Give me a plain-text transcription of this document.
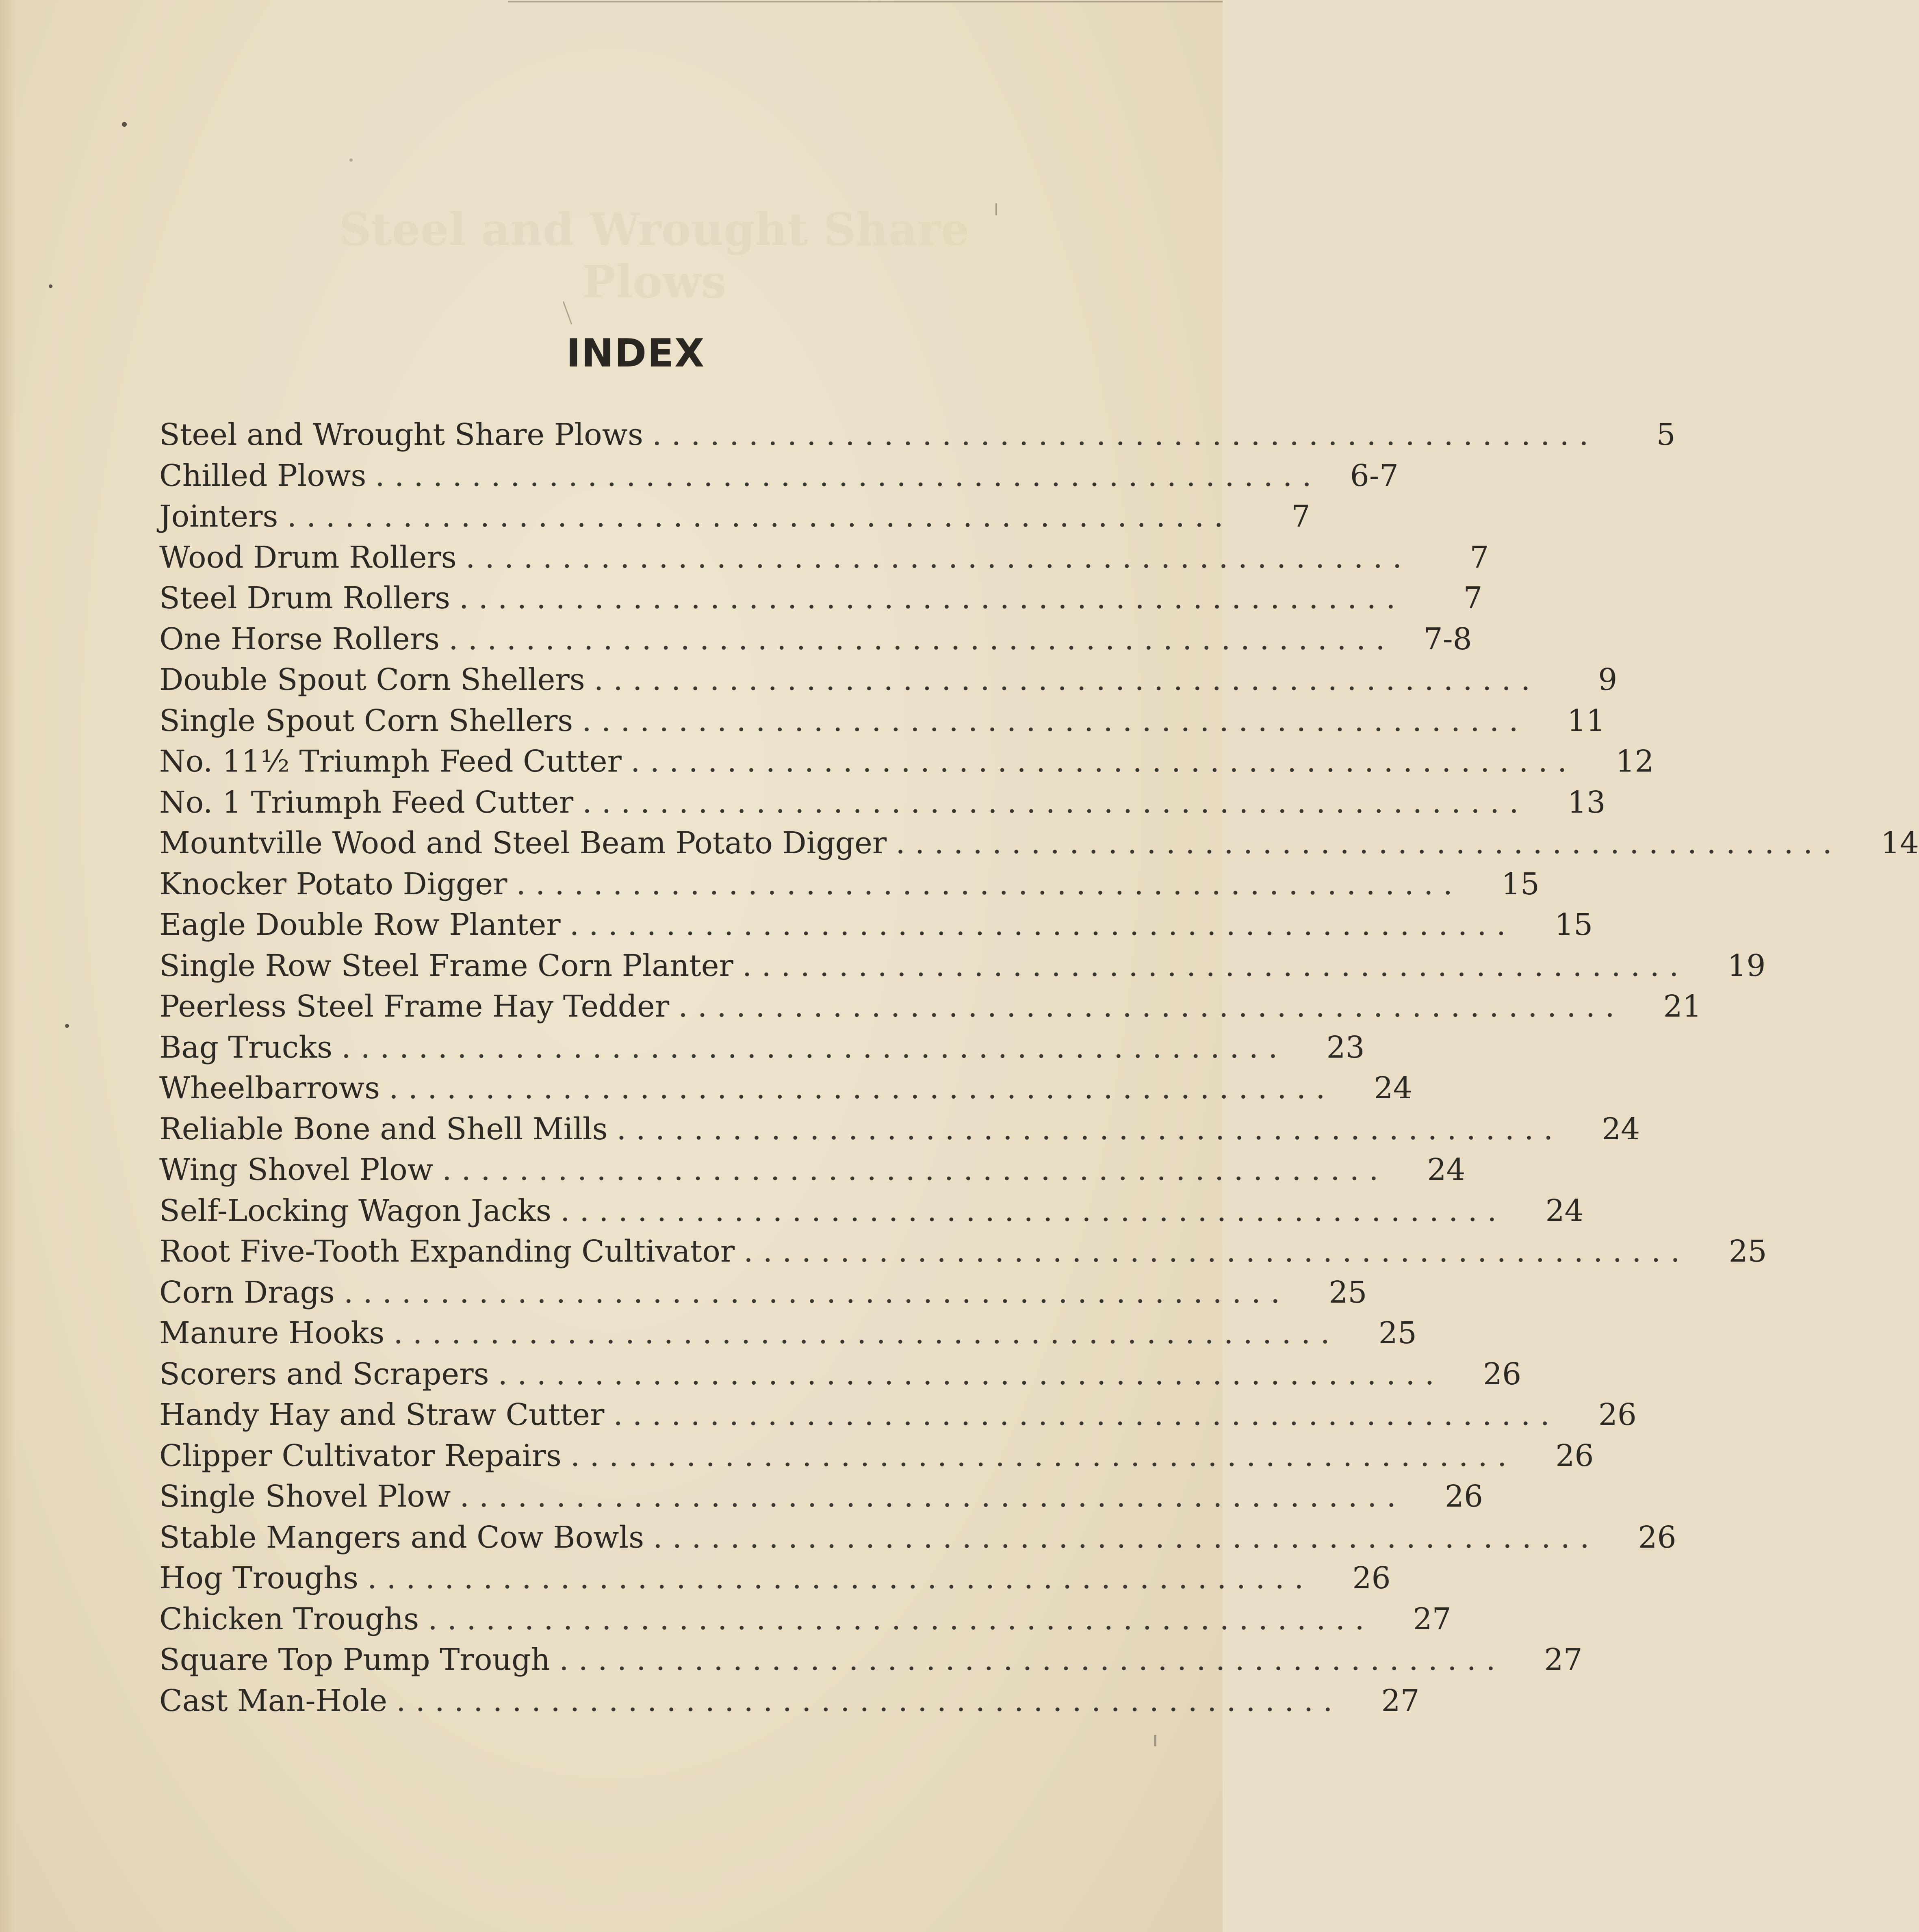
Steel and Wrought Share Plows
INDEX
Steel and Wrought Share Plows .................................................	5
Chilled Plows ................................................. 6-7
Jointers .................................................	7
Wood Drum Rollers .................................................	7
Steel Drum Rollers .................................................	7
One Horse Rollers ................................................. 7-8
Double Spout Corn Shellers .................................................	9
Single Spout Corn Shellers .................................................	11
No. 11½ Triumph Feed Cutter .................................................	12
No. 1 Triumph Feed Cutter .................................................	13
Mountville Wood and Steel Beam Potato Digger .................................................	14
Knocker Potato Digger .................................................	15
Eagle Double Row Planter .................................................	15
Single Row Steel Frame Corn Planter .................................................	19
Peerless Steel Frame Hay Tedder .................................................	21
Bag Trucks .................................................	23
Wheelbarrows .................................................	24
Reliable Bone and Shell Mills .................................................	24
Wing Shovel Plow .................................................	24
Self-Locking Wagon Jacks .................................................	24
Root Five-Tooth Expanding Cultivator .................................................	25
Corn Drags .................................................	25
Manure Hooks .................................................	25
Scorers and Scrapers .................................................	26
Handy Hay and Straw Cutter .................................................	26
Clipper Cultivator Repairs .................................................	26
Single Shovel Plow .................................................	26
Stable Mangers and Cow Bowls .................................................	26
Hog Troughs .................................................	26
Chicken Troughs .................................................	27
Square Top Pump Trough .................................................	27
Cast Man-Hole .................................................	27
